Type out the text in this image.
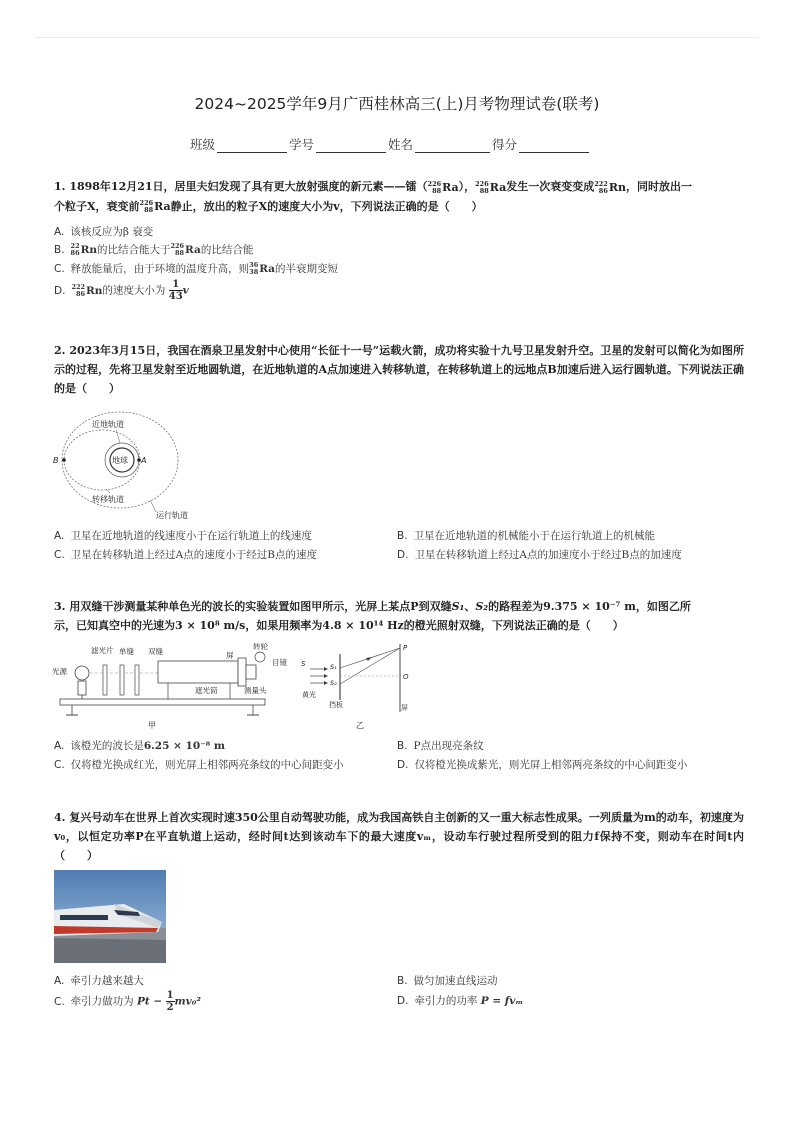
2024~2025学年9月广西桂林高三(上)月考物理试卷(联考)
班级	学号	姓名	得分
1. 1898年12月21日，居里夫妇发现了具有更大放射强度的新元素——镭（ 226
88 Ra）， 226
88 Ra发生一次衰变变成 222
86 Rn，同时放出一
个粒子X，衰变前 226
88 Ra静止，放出的粒子X的速度大小为v，下列说法正确的是（　　）
A. 该核反应为β 衰变
B. 22
86 Rn的比结合能大于 226
88 Ra的比结合能
C. 释放能量后，由于环境的温度升高，则 36
38 Ra的半衰期变短
D. 222
86 Rn的速度大小为 $\frac{1}{43}$ v
2. 2023年3月15日，我国在酒泉卫星发射中心使用“长征十一号”运载火箭，成功将实验十九号卫星发射升空。卫星的发射可以简化为如图所示的过程，先将卫星发射至近地圆轨道，在近地轨道的A点加速进入转移轨道，在转移轨道上的远地点B加速后进入运行圆轨道。下列说法正确的是（　　）
地球 A
B
近地轨道
转移轨道
运行轨道
A. 卫星在近地轨道的线速度小于在运行轨道上的线速度	B. 卫星在近地轨道的机械能小于在运行轨道上的机械能
C. 卫星在转移轨道上经过A点的速度小于经过B点的速度	D. 卫星在转移轨道上经过A点的加速度小于经过B点的加速度
3. 用双缝干涉测量某种单色光的波长的实验装置如图甲所示，光屏上某点P到双缝S₁、S₂的路程差为9.375 × 10⁻⁷ m，如图乙所
示，已知真空中的光速为3 × 10⁸ m/s，如果用频率为4.8 × 10¹⁴ Hz的橙光照射双缝，下列说法正确的是（　　）
光源
滤光片 单缝 双缝	屏
转轮
目镜
遮光筒	测量头
甲
S	S₁
S₂
P
O
黄光
挡板	屏
乙
A. 该橙光的波长是6.25 × 10⁻⁸ m	B. P点出现亮条纹
C. 仅将橙光换成红光，则光屏上相邻两亮条纹的中心间距变小	D. 仅将橙光换成紫光，则光屏上相邻两亮条纹的中心间距变小
4. 复兴号动车在世界上首次实现时速350公里自动驾驶功能，成为我国高铁自主创新的又一重大标志性成果。一列质量为m的动车，初速度为v₀，以恒定功率P在平直轨道上运动，经时间t达到该动车下的最大速度vₘ，设动车行驶过程所受到的阻力f保持不变，则动车在时间t内（　　）
A. 牵引力越来越大	B. 做匀加速直线运动
C. 牵引力做功为 $Pt - \frac{1}{2} mv_0^2$	D. 牵引力的功率 P = fvₘ
